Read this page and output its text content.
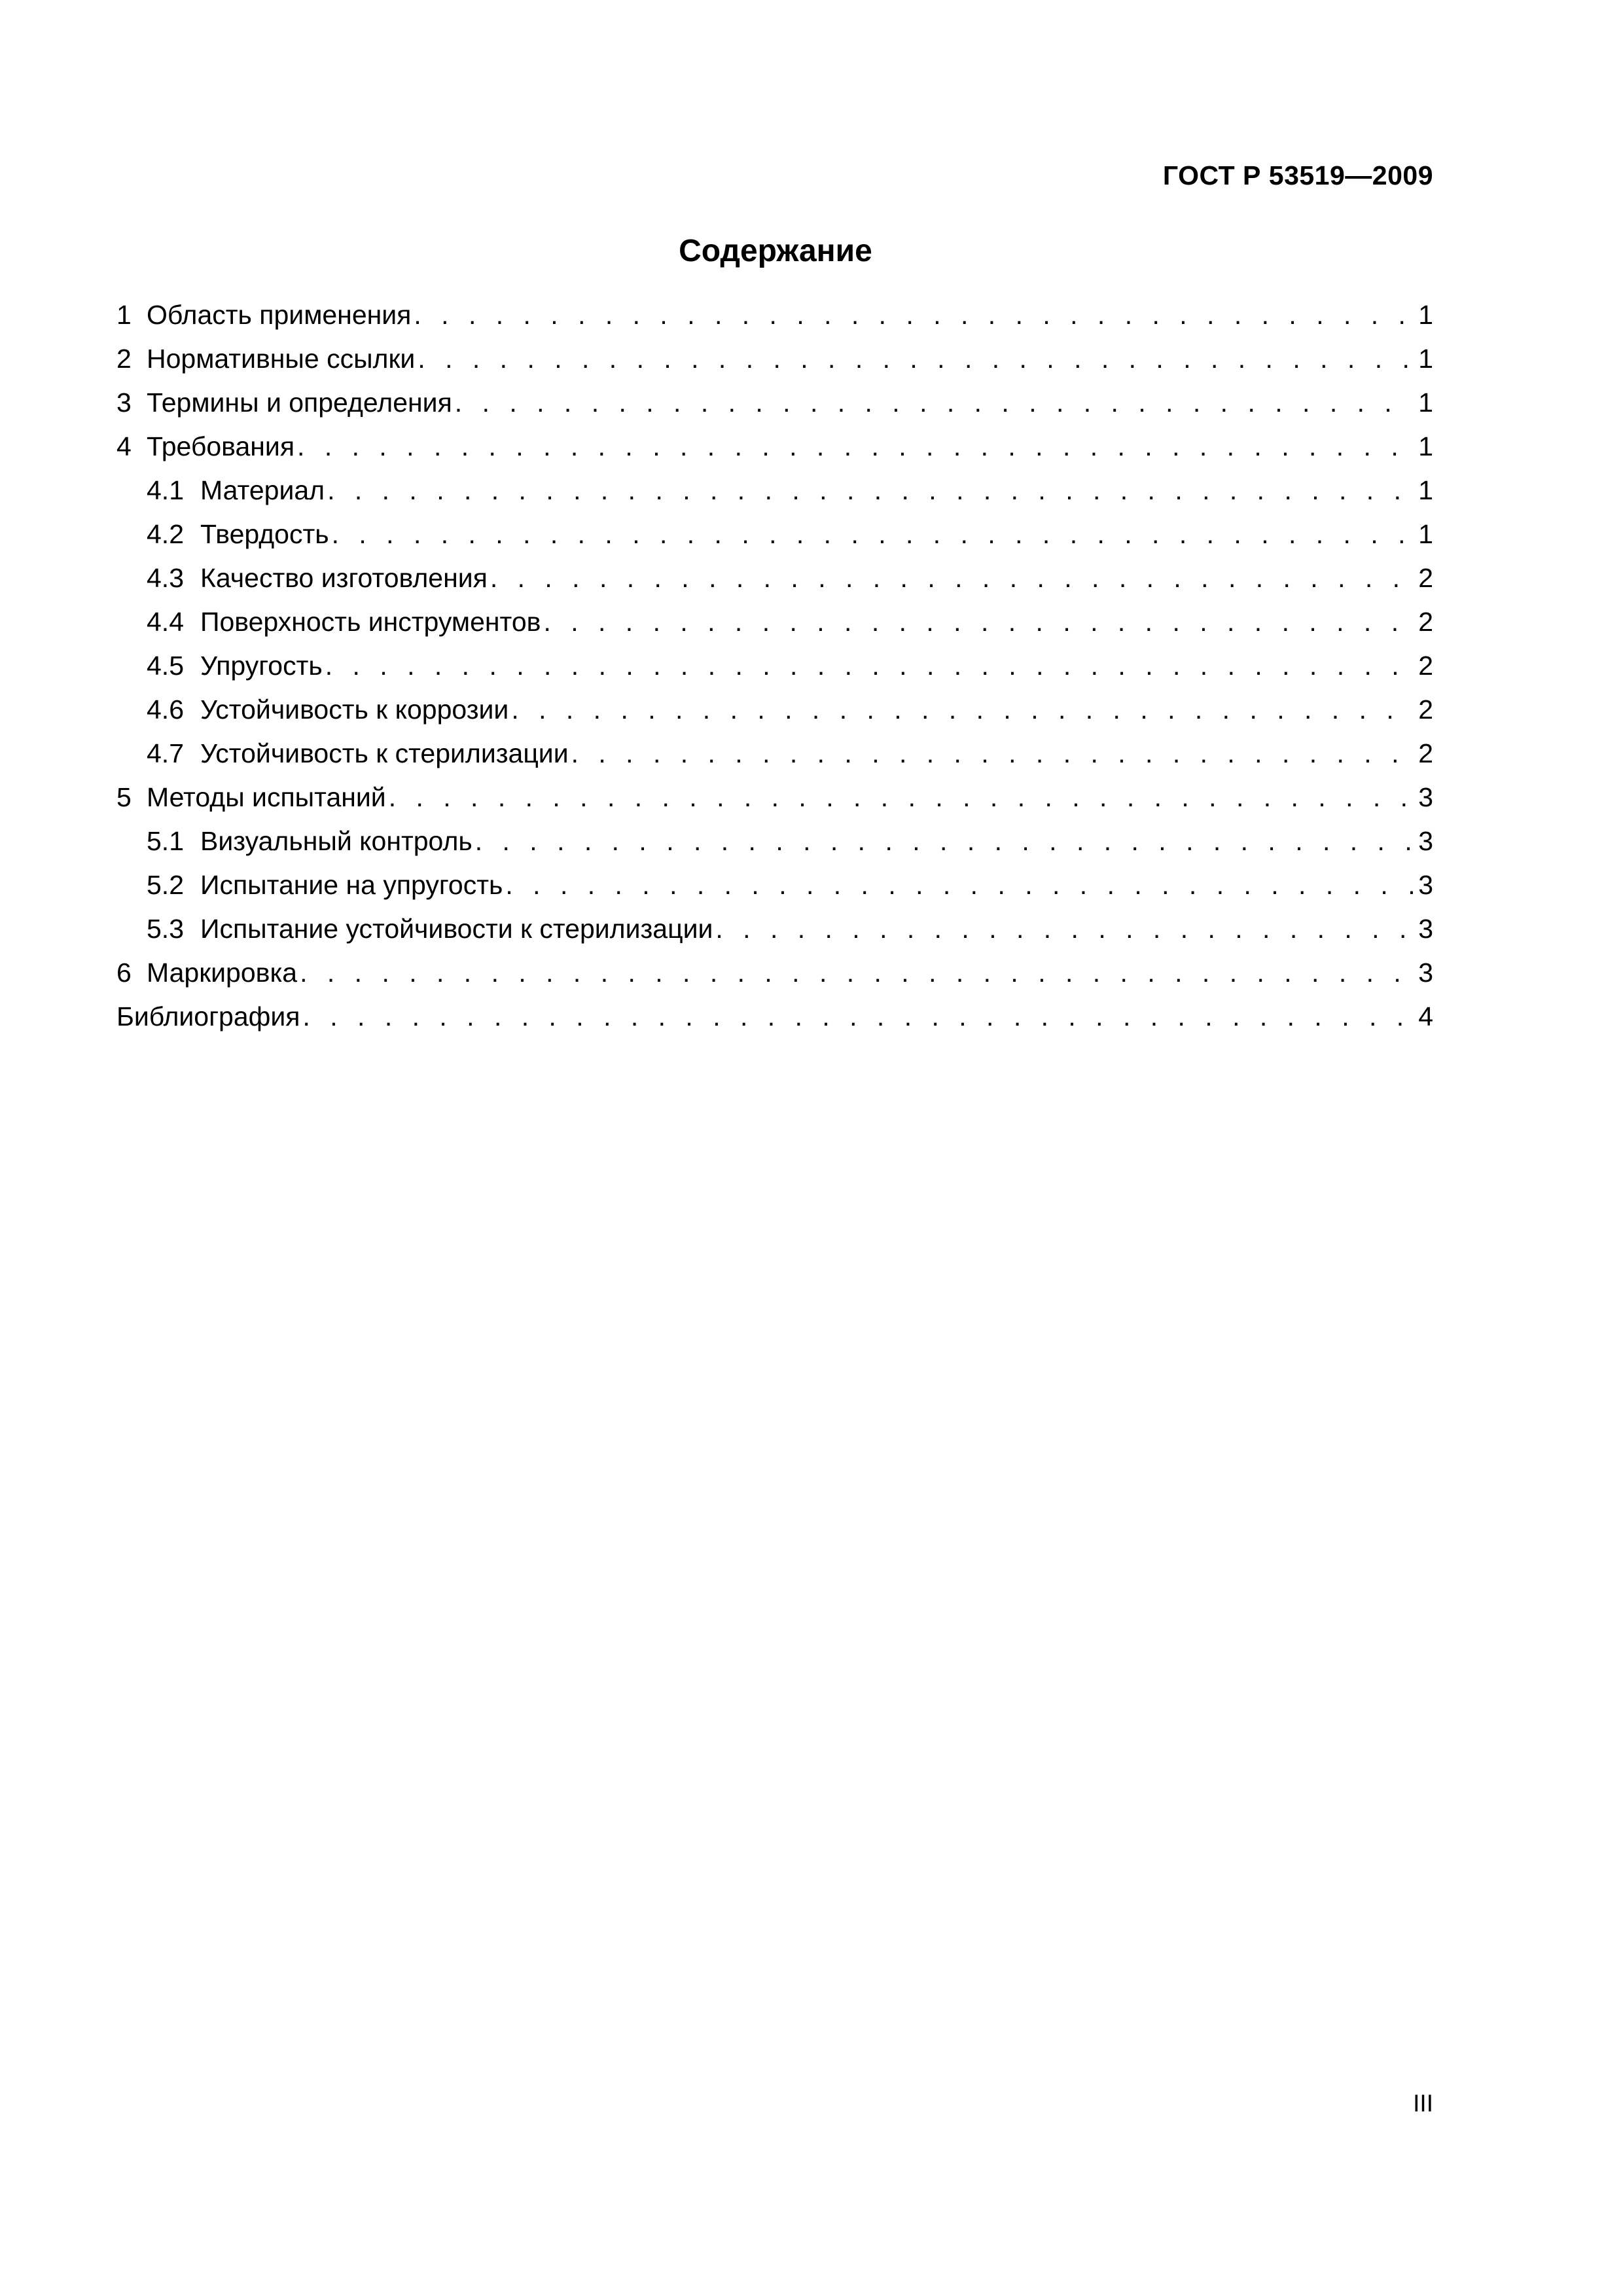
ГОСТ Р 53519—2009
Содержание
1 Область применения . . .	1
2 Нормативные ссылки . . .	1
3 Термины и определения . . .	1
4 Требования . . .	1
4.1 Материал . . .	1
4.2 Твердость . . .	1
4.3 Качество изготовления . . .	2
4.4 Поверхность инструментов . . .	2
4.5 Упругость . . .	2
4.6 Устойчивость к коррозии . . .	2
4.7 Устойчивость к стерилизации . . .	2
5 Методы испытаний . . .	3
5.1 Визуальный контроль . . .	3
5.2 Испытание на упругость . . .	3
5.3 Испытание устойчивости к стерилизации . . .	3
6 Маркировка . . .	3
Библиография . . .	4
III
